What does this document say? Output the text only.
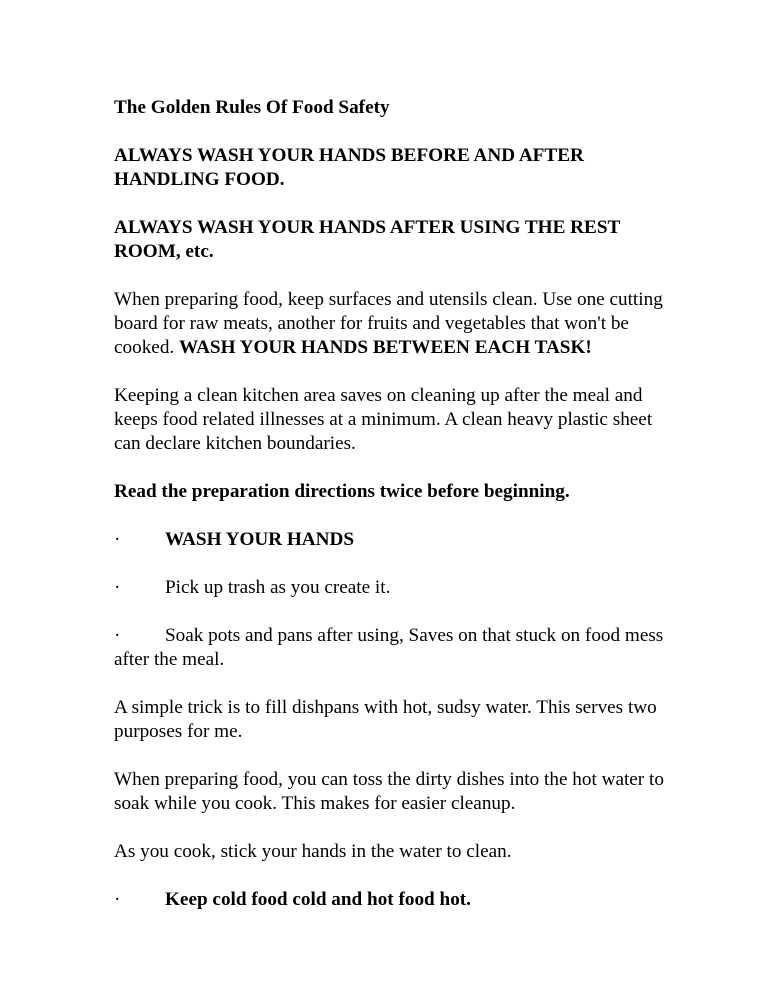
The Golden Rules Of Food Safety

ALWAYS WASH YOUR HANDS BEFORE AND AFTER HANDLING FOOD.

ALWAYS WASH YOUR HANDS AFTER USING THE REST ROOM, etc.

When preparing food, keep surfaces and utensils clean. Use one cutting board for raw meats, another for fruits and vegetables that won't be cooked. WASH YOUR HANDS BETWEEN EACH TASK!

Keeping a clean kitchen area saves on cleaning up after the meal and keeps food related illnesses at a minimum. A clean heavy plastic sheet can declare kitchen boundaries.

Read the preparation directions twice before beginning.

·	WASH YOUR HANDS
·	Pick up trash as you create it.

· Soak pots and pans after using, Saves on that stuck on food mess after the meal.

A simple trick is to fill dishpans with hot, sudsy water. This serves two purposes for me.

When preparing food, you can toss the dirty dishes into the hot water to soak while you cook. This makes for easier cleanup.

As you cook, stick your hands in the water to clean.

·	Keep cold food cold and hot food hot.
